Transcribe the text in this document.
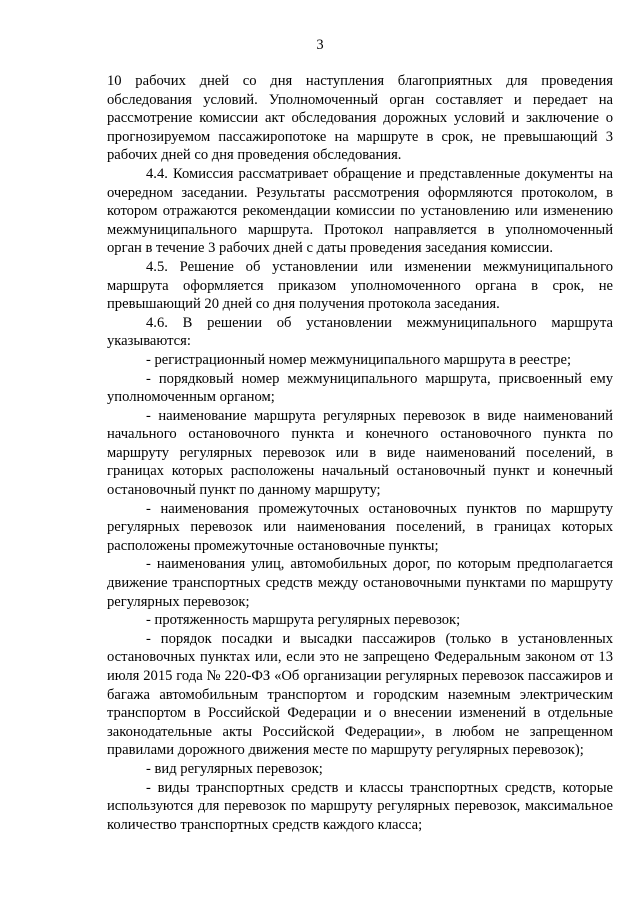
3

10 рабочих дней со дня наступления благоприятных для проведения обследования условий. Уполномоченный орган составляет и передает на рассмотрение комиссии акт обследования дорожных условий и заключение о прогнозируемом пассажиропотоке на маршруте в срок, не превышающий 3 рабочих дней со дня проведения обследования.

4.4. Комиссия рассматривает обращение и представленные документы на очередном заседании. Результаты рассмотрения оформляются протоколом, в котором отражаются рекомендации комиссии по установлению или изменению межмуниципального маршрута. Протокол направляется в уполномоченный орган в течение 3 рабочих дней с даты проведения заседания комиссии.

4.5. Решение об установлении или изменении межмуниципального маршрута оформляется приказом уполномоченного органа в срок, не превышающий 20 дней со дня получения протокола заседания.

4.6. В решении об установлении межмуниципального маршрута указываются:

- регистрационный номер межмуниципального маршрута в реестре;

- порядковый номер межмуниципального маршрута, присвоенный ему уполномоченным органом;

- наименование маршрута регулярных перевозок в виде наименований начального остановочного пункта и конечного остановочного пункта по маршруту регулярных перевозок или в виде наименований поселений, в границах которых расположены начальный остановочный пункт и конечный остановочный пункт по данному маршруту;

- наименования промежуточных остановочных пунктов по маршруту регулярных перевозок или наименования поселений, в границах которых расположены промежуточные остановочные пункты;

- наименования улиц, автомобильных дорог, по которым предполагается движение транспортных средств между остановочными пунктами по маршруту регулярных перевозок;

- протяженность маршрута регулярных перевозок;

- порядок посадки и высадки пассажиров (только в установленных остановочных пунктах или, если это не запрещено Федеральным законом от 13 июля 2015 года № 220-ФЗ «Об организации регулярных перевозок пассажиров и багажа автомобильным транспортом и городским наземным электрическим транспортом в Российской Федерации и о внесении изменений в отдельные законодательные акты Российской Федерации», в любом не запрещенном правилами дорожного движения месте по маршруту регулярных перевозок);

- вид регулярных перевозок;

- виды транспортных средств и классы транспортных средств, которые используются для перевозок по маршруту регулярных перевозок, максимальное количество транспортных средств каждого класса;
